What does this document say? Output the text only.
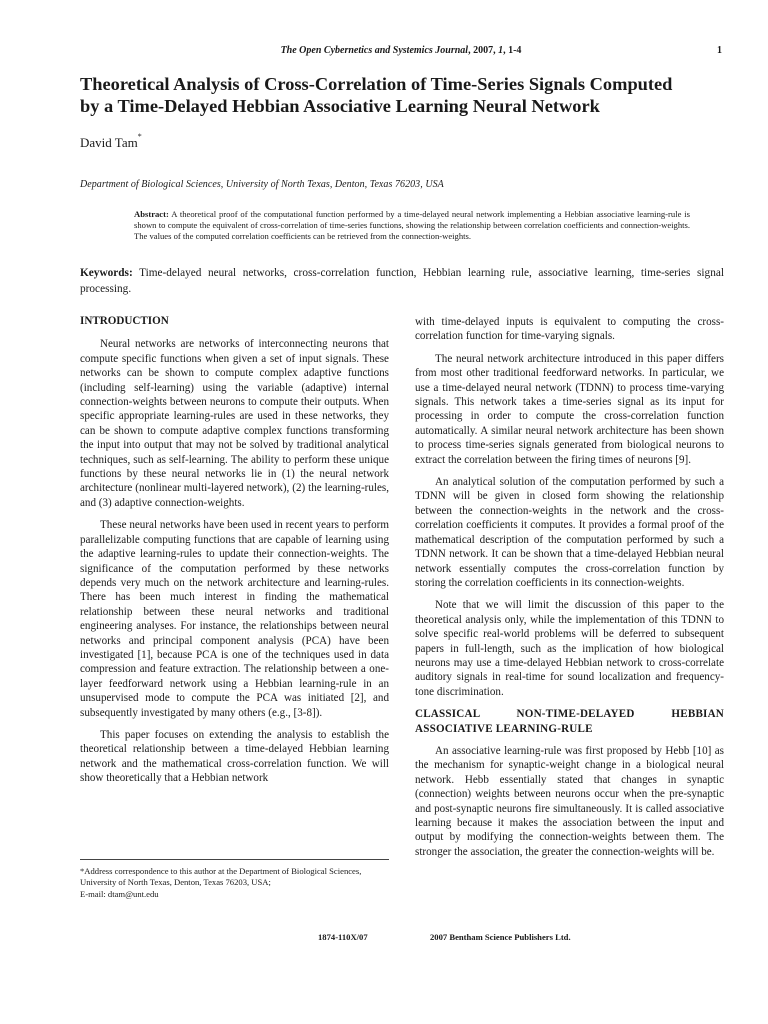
The Open Cybernetics and Systemics Journal, 2007, 1, 1-4	1
Theoretical Analysis of Cross-Correlation of Time-Series Signals Computed
by a Time-Delayed Hebbian Associative Learning Neural Network
David Tam*
Department of Biological Sciences, University of North Texas, Denton, Texas 76203, USA
Abstract: A theoretical proof of the computational function performed by a time-delayed neural network implementing a Hebbian associative learning-rule is shown to compute the equivalent of cross-correlation of time-series functions, showing the relationship between correlation coefficients and connection-weights. The values of the computed correlation coefficients can be retrieved from the connection-weights.
Keywords: Time-delayed neural networks, cross-correlation function, Hebbian learning rule, associative learning, time-series signal processing.
INTRODUCTION

Neural networks are networks of interconnecting neurons that compute specific functions when given a set of input signals. These networks can be shown to compute complex adaptive functions (including self-learning) using the variable (adaptive) internal connection-weights between neurons to compute their outputs. When specific appropriate learning-rules are used in these networks, they can be shown to compute adaptive complex functions transforming the input into output that may not be solved by traditional analytical techniques, such as self-learning. The ability to perform these unique functions by these neural networks lie in (1) the neural network architecture (nonlinear multi-layered network), (2) the learning-rules, and (3) adaptive connection-weights.

These neural networks have been used in recent years to perform parallelizable computing functions that are capable of learning using the adaptive learning-rules to update their connection-weights. The significance of the computation performed by these networks depends very much on the network architecture and learning-rules. There has been much interest in finding the mathematical relationship between these neural networks and traditional engineering analyses. For instance, the relationships between neural networks and principal component analysis (PCA) have been investigated [1], because PCA is one of the techniques used in data compression and feature extraction. The relationship between a one-layer feedforward network using a Hebbian learning-rule in an unsupervised mode to compute the PCA was initiated [2], and subsequently investigated by many others (e.g., [3-8]).

This paper focuses on extending the analysis to establish the theoretical relationship between a time-delayed Hebbian learning network and the mathematical cross-correlation function. We will show theoretically that a Hebbian network

with time-delayed inputs is equivalent to computing the cross-correlation function for time-varying signals.

The neural network architecture introduced in this paper differs from most other traditional feedforward networks. In particular, we use a time-delayed neural network (TDNN) to process time-varying signals. This network takes a time-series signal as its input for processing in order to compute the cross-correlation function automatically. A similar neural network architecture has been shown to process time-series signals generated from biological neurons to extract the correlation between the firing times of neurons [9].

An analytical solution of the computation performed by such a TDNN will be given in closed form showing the relationship between the connection-weights in the network and the cross-correlation coefficients it computes. It provides a formal proof of the mathematical description of the computation performed by such a TDNN network. It can be shown that a time-delayed Hebbian neural network essentially computes the cross-correlation function by storing the correlation coefficients in its connection-weights.

Note that we will limit the discussion of this paper to the theoretical analysis only, while the implementation of this TDNN to solve specific real-world problems will be deferred to subsequent papers in full-length, such as the implication of how biological neurons may use a time-delayed Hebbian network to cross-correlate auditory signals in real-time for sound localization and frequency-tone discrimination.

CLASSICAL NON-TIME-DELAYED HEBBIAN ASSOCIATIVE LEARNING-RULE

An associative learning-rule was first proposed by Hebb [10] as the mechanism for synaptic-weight change in a biological neural network. Hebb essentially stated that changes in synaptic (connection) weights between neurons occur when the pre-synaptic and post-synaptic neurons fire simultaneously. It is called associative learning because it makes the association between the input and output by modifying the connection-weights between them. The stronger the association, the greater the connection-weights will be.

*Address correspondence to this author at the Department of Biological Sciences, University of North Texas, Denton, Texas 76203, USA;
E-mail: dtam@unt.edu
1874-110X/07	2007 Bentham Science Publishers Ltd.
